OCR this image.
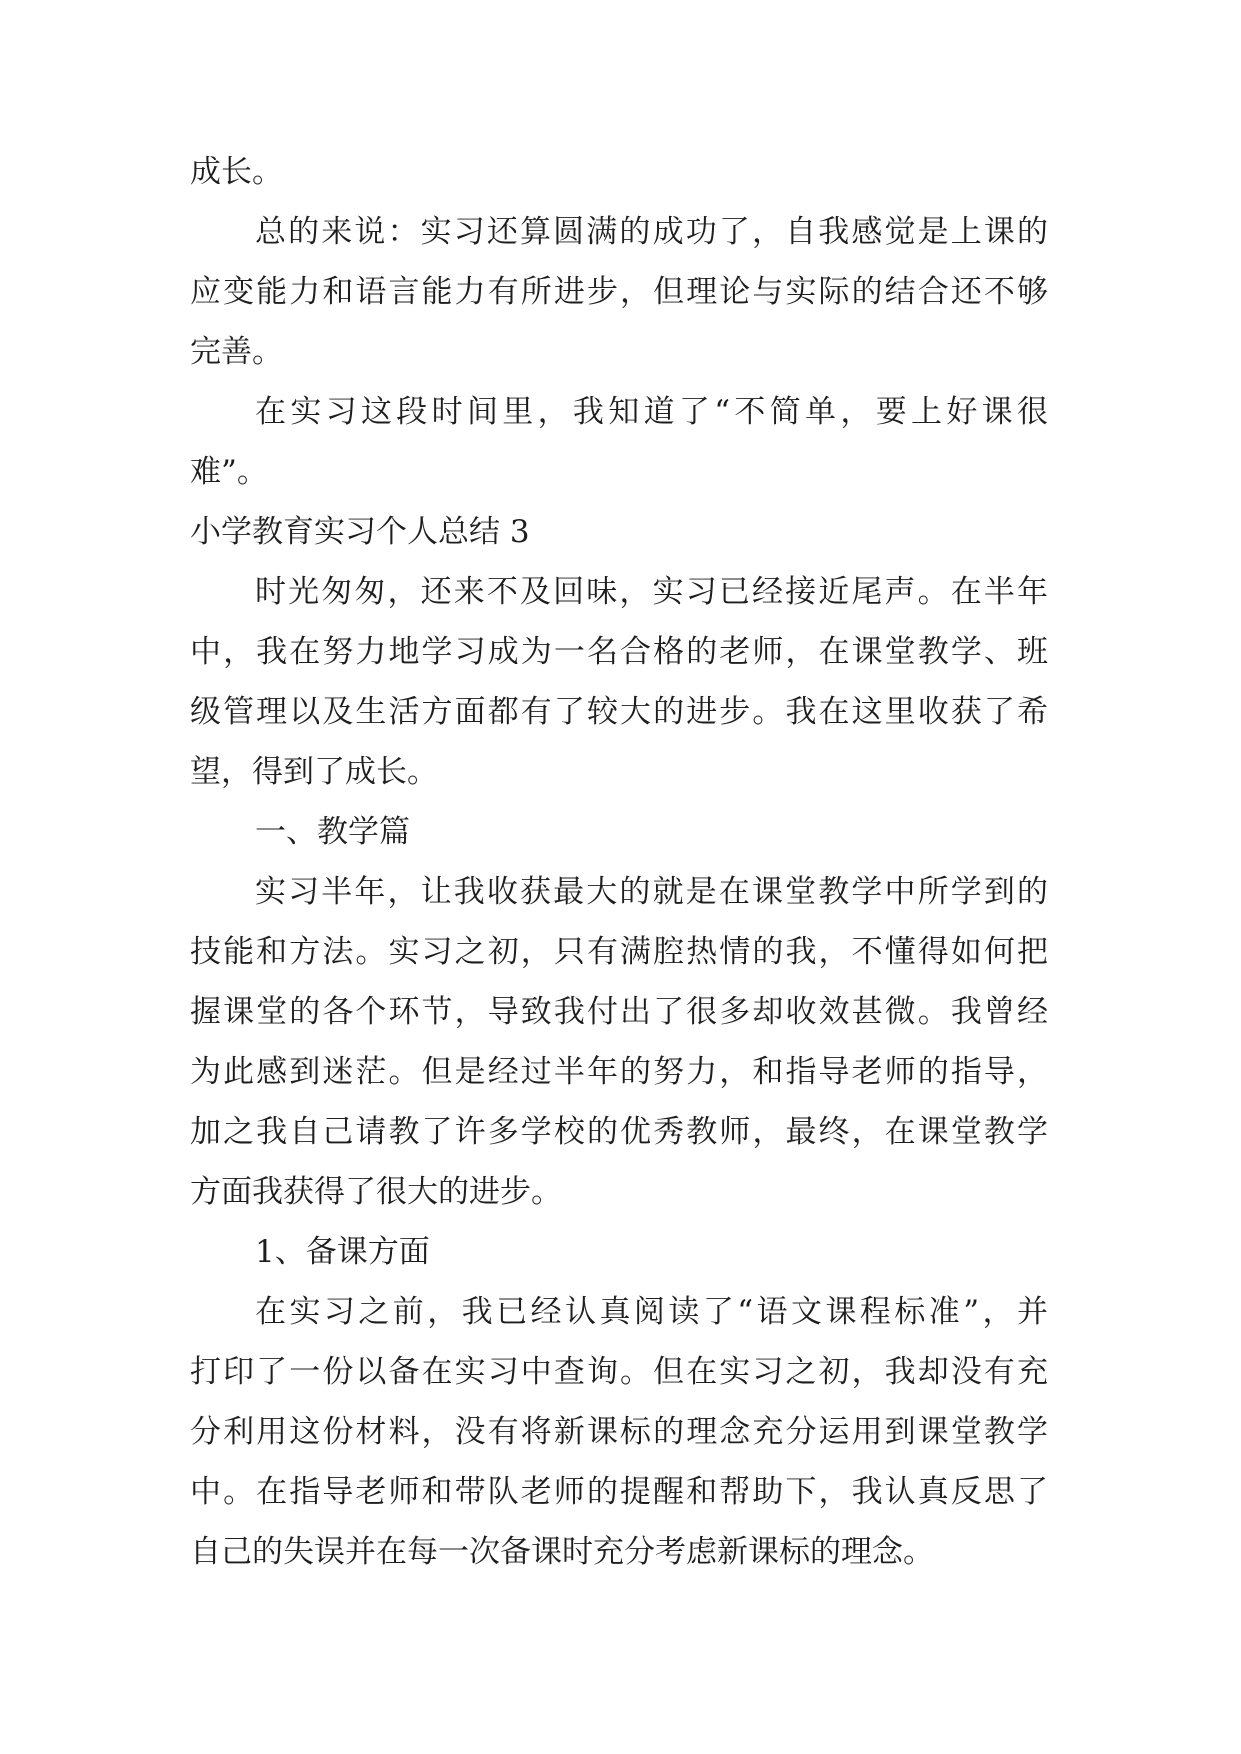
成长。
总的来说：实习还算圆满的成功了，自我感觉是上课的
应变能力和语言能力有所进步，但理论与实际的结合还不够
完善。
在实习这段时间里，我知道了“不简单，要上好课很
难”。
小学教育实习个人总结 3
时光匆匆，还来不及回味，实习已经接近尾声。在半年
中，我在努力地学习成为一名合格的老师，在课堂教学、班
级管理以及生活方面都有了较大的进步。我在这里收获了希
望，得到了成长。
一、教学篇
实习半年，让我收获最大的就是在课堂教学中所学到的
技能和方法。实习之初，只有满腔热情的我，不懂得如何把
握课堂的各个环节，导致我付出了很多却收效甚微。我曾经
为此感到迷茫。但是经过半年的努力，和指导老师的指导，
加之我自己请教了许多学校的优秀教师，最终，在课堂教学
方面我获得了很大的进步。
1、备课方面
在实习之前，我已经认真阅读了“语文课程标准”，并
打印了一份以备在实习中查询。但在实习之初，我却没有充
分利用这份材料，没有将新课标的理念充分运用到课堂教学
中。在指导老师和带队老师的提醒和帮助下，我认真反思了
自己的失误并在每一次备课时充分考虑新课标的理念。
